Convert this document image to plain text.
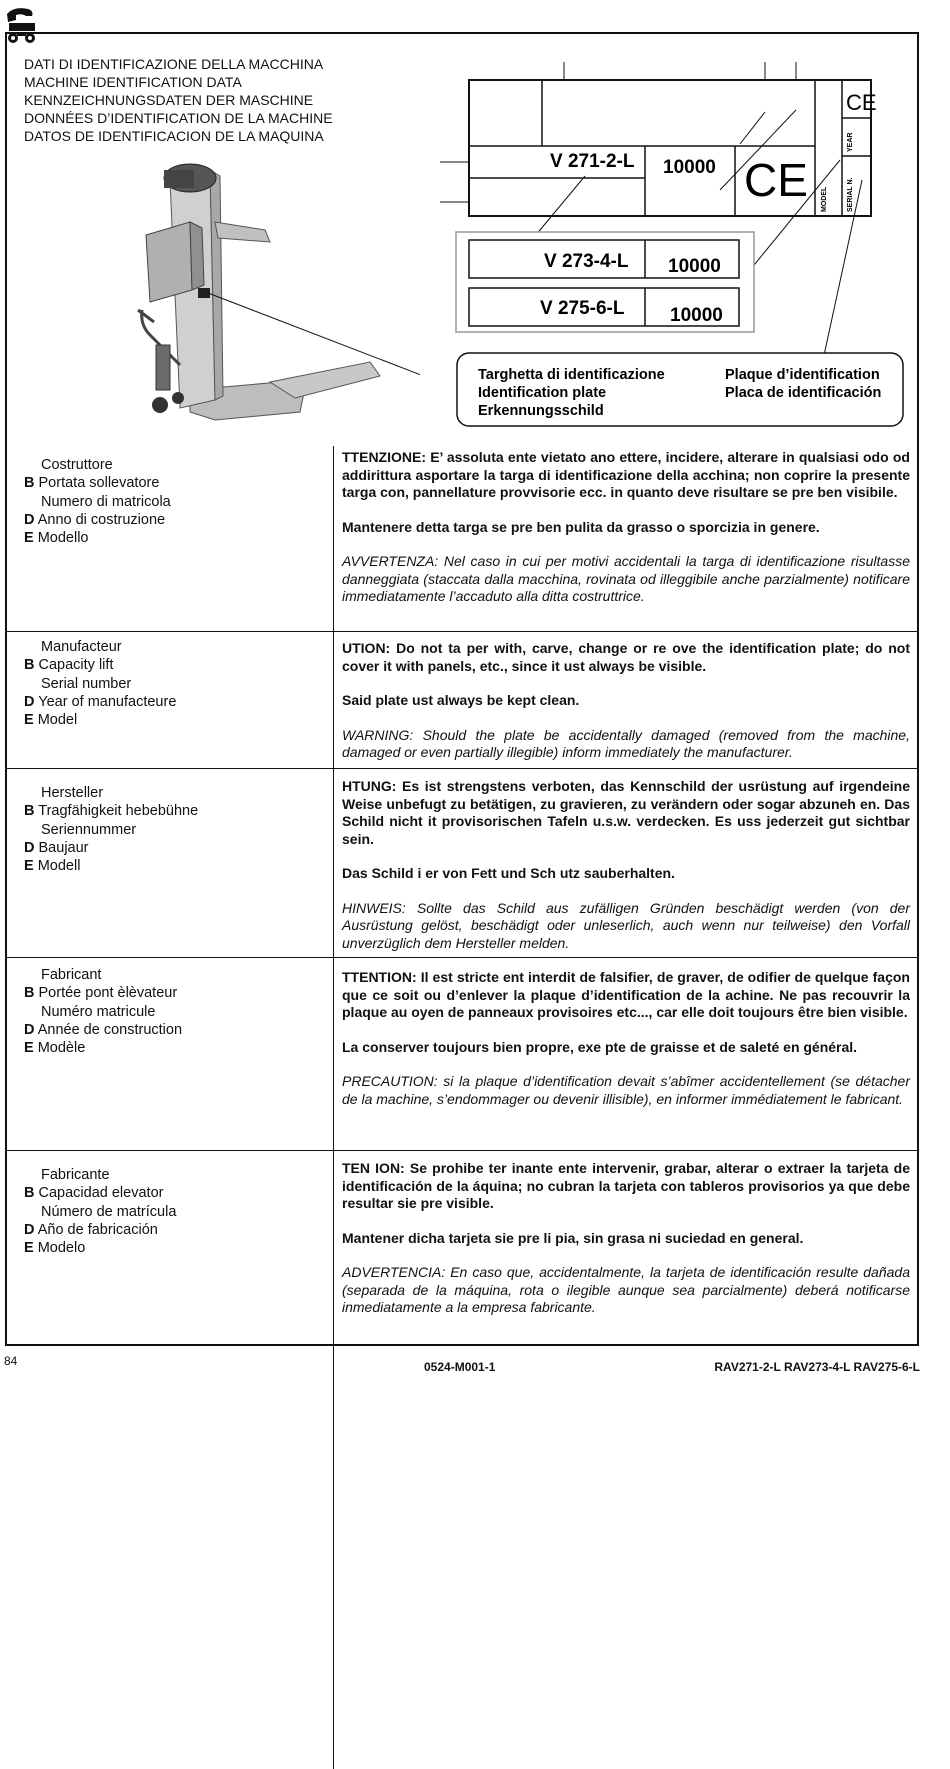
DATI DI IDENTIFICAZIONE DELLA MACCHINA
MACHINE IDENTIFICATION DATA
KENNZEICHNUNGSDATEN DER MASCHINE
DONNÉES D’IDENTIFICATION DE LA MACHINE
DATOS DE IDENTIFICACION DE LA MAQUINA
V 271-2-L 10000 CE
CE
YEAR
SERIAL N.
MODEL
V 273-4-L 10000
V 275-6-L 10000
Targhetta di identificazione
Identification plate
Erkennungsschild
Plaque d’identification
Placa de identificación
Costruttore
B Portata sollevatore
Numero di matricola
D Anno di costruzione
E Modello

TTENZIONE: E’ assoluta ente vietato ano ettere, incidere, alterare in qualsiasi odo od addirittura asportare la targa di identificazione della acchina; non coprire la presente targa con, pannellature provvisorie ecc. in quanto deve risultare se pre ben visibile.

Mantenere detta targa se pre ben pulita da grasso o sporcizia in genere.

AVVERTENZA: Nel caso in cui per motivi accidentali la targa di identificazione risultasse danneggiata (staccata dalla macchina, rovinata od illeggibile anche parzialmente) notificare immediatamente l’accaduto alla ditta costruttrice.

Manufacteur
B Capacity lift
Serial number
D Year of manufacteure
E Model

UTION: Do not ta per with, carve, change or re ove the identification plate; do not cover it with panels, etc., since it ust always be visible.

Said plate ust always be kept clean.

WARNING: Should the plate be accidentally damaged (removed from the machine, damaged or even partially illegible) inform immediately the manufacturer.

Hersteller
B Tragfähigkeit hebebühne
Seriennummer
D Baujaur
E Modell

HTUNG: Es ist strengstens verboten, das Kennschild der usrüstung auf irgendeine Weise unbefugt zu betätigen, zu gravieren, zu verändern oder sogar abzuneh en. Das Schild nicht it provisorischen Tafeln u.s.w. verdecken. Es uss jederzeit gut sichtbar sein.

Das Schild i er von Fett und Sch utz sauberhalten.

HINWEIS: Sollte das Schild aus zufälligen Gründen beschädigt werden (von der Ausrüstung gelöst, beschädigt oder unleserlich, auch wenn nur teilweise) den Vorfall unverzüglich dem Hersteller melden.

Fabricant
B Portée pont èlèvateur
Numéro matricule
D Année de construction
E Modèle

TTENTION: Il est stricte ent interdit de falsifier, de graver, de odifier de quelque façon que ce soit ou d’enlever la plaque d’identification de la achine. Ne pas recouvrir la plaque au oyen de panneaux provisoires etc..., car elle doit toujours être bien visible.

La conserver toujours bien propre, exe pte de graisse et de saleté en général.

PRECAUTION: si la plaque d’identification devait s’abîmer accidentellement (se détacher de la machine, s’endommager ou devenir illisible), en informer immédiatement le fabricant.

Fabricante
B Capacidad elevator
Número de matrícula
D Año de fabricación
E Modelo

TEN ION: Se prohibe ter inante ente intervenir, grabar, alterar o extraer la tarjeta de identificación de la áquina; no cubran la tarjeta con tableros provisorios ya que debe resultar sie pre visible.

Mantener dicha tarjeta sie pre li pia, sin grasa ni suciedad en general.

ADVERTENCIA: En caso que, accidentalmente, la tarjeta de identificación resulte dañada (separada de la máquina, rota o ilegible aunque sea parcialmente) deberá notificarse inmediatamente a la empresa fabricante.

84	0524-M001-1	RAV271-2-L RAV273-4-L RAV275-6-L
